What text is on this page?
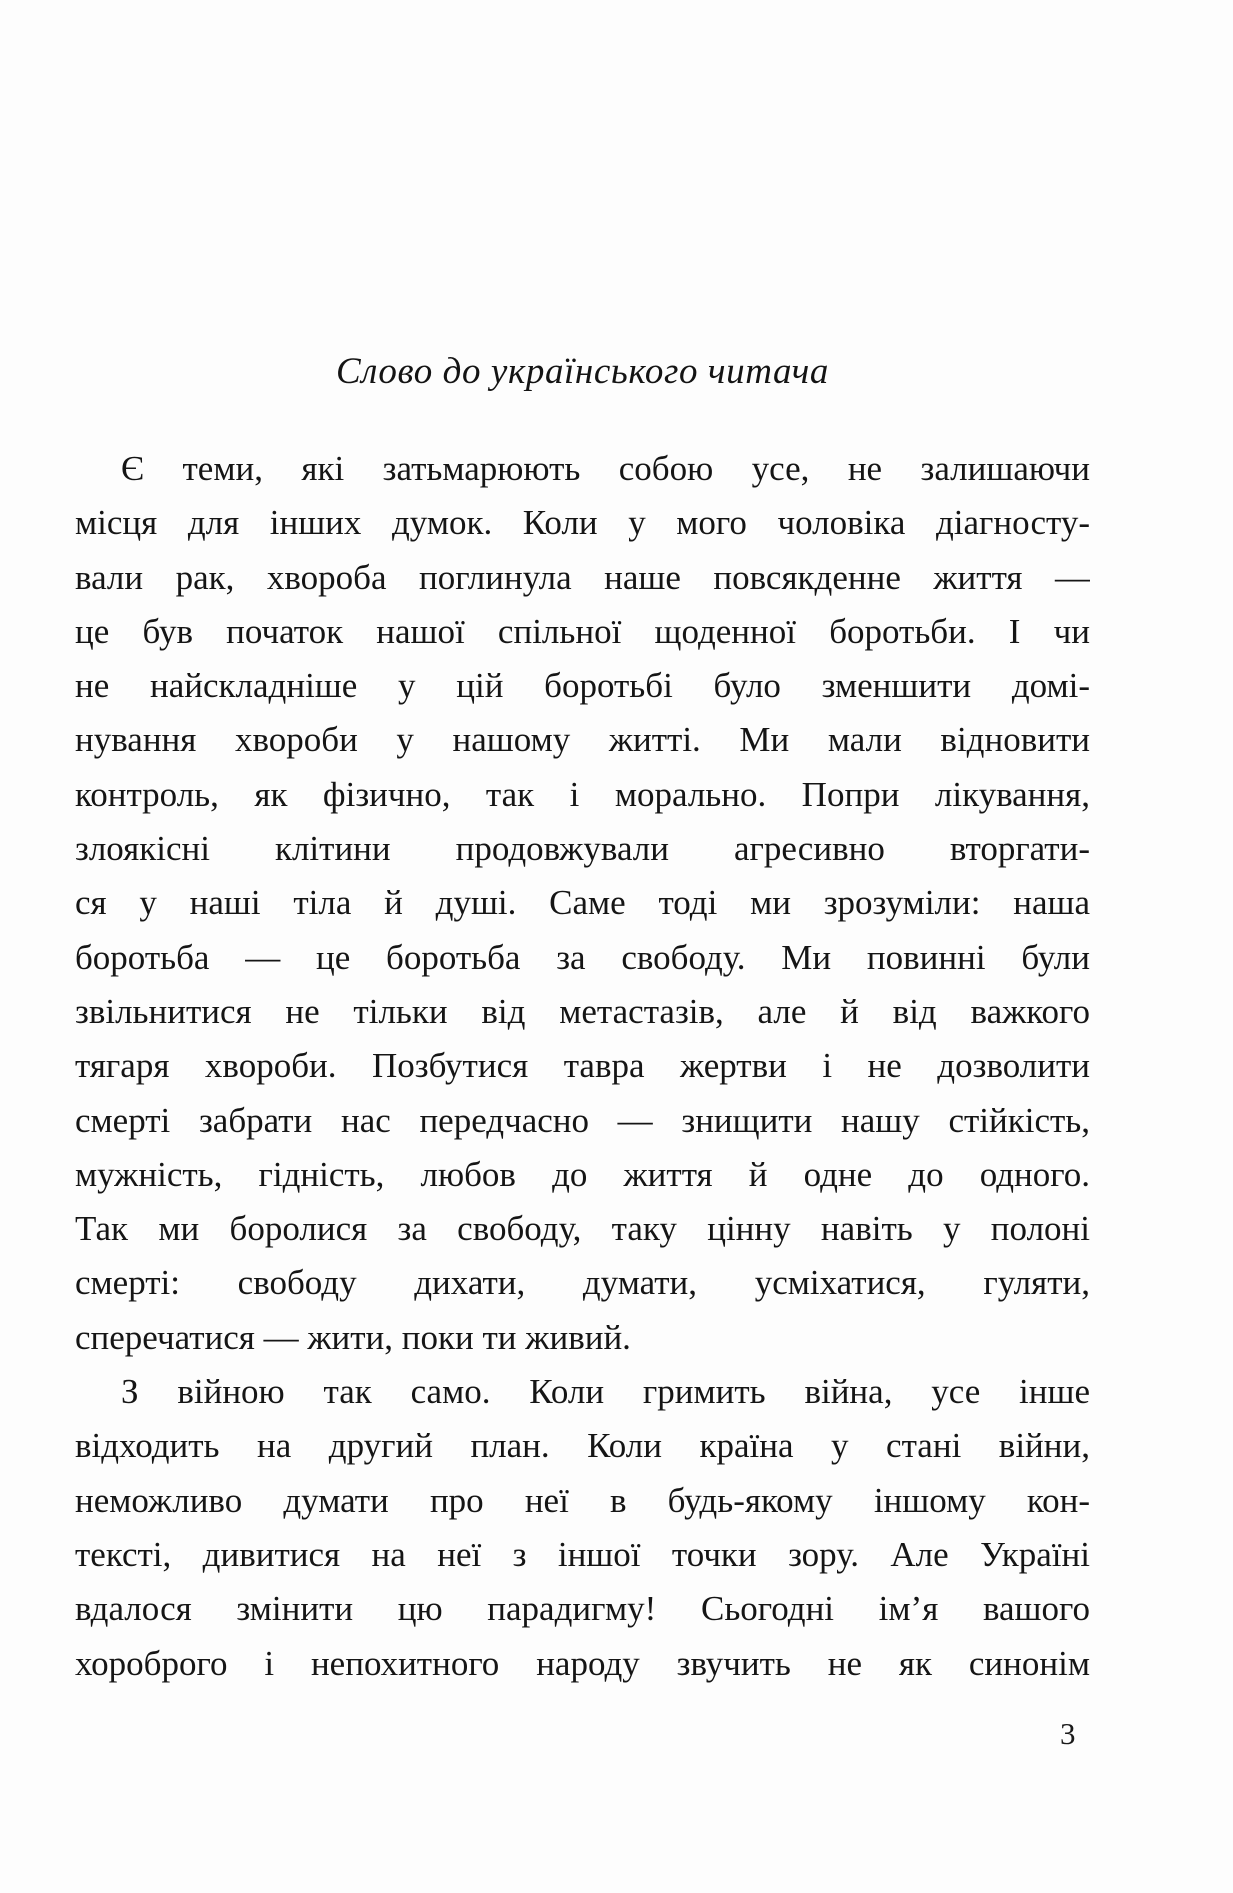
Слово до українського читача
Є теми, які затьмарюють собою усе, не залишаючи
місця для інших думок. Коли у мого чоловіка діагносту-
вали рак, хвороба поглинула наше повсякденне життя —
це був початок нашої спільної щоденної боротьби. І чи
не найскладніше у цій боротьбі було зменшити домі-
нування хвороби у нашому житті. Ми мали відновити
контроль, як фізично, так і морально. Попри лікування,
злоякісні клітини продовжували агресивно вторгати-
ся у наші тіла й душі. Саме тоді ми зрозуміли: наша
боротьба — це боротьба за свободу. Ми повинні були
звільнитися не тільки від метастазів, але й від важкого
тягаря хвороби. Позбутися тавра жертви і не дозволити
смерті забрати нас передчасно — знищити нашу стійкість,
мужність, гідність, любов до життя й одне до одного.
Так ми боролися за свободу, таку цінну навіть у полоні
смерті: свободу дихати, думати, усміхатися, гуляти,
сперечатися — жити, поки ти живий.
З війною так само. Коли гримить війна, усе інше
відходить на другий план. Коли країна у стані війни,
неможливо думати про неї в будь-якому іншому кон-
тексті, дивитися на неї з іншої точки зору. Але Україні
вдалося змінити цю парадигму! Сьогодні ім’я вашого
хороброго і непохитного народу звучить не як синонім
3
